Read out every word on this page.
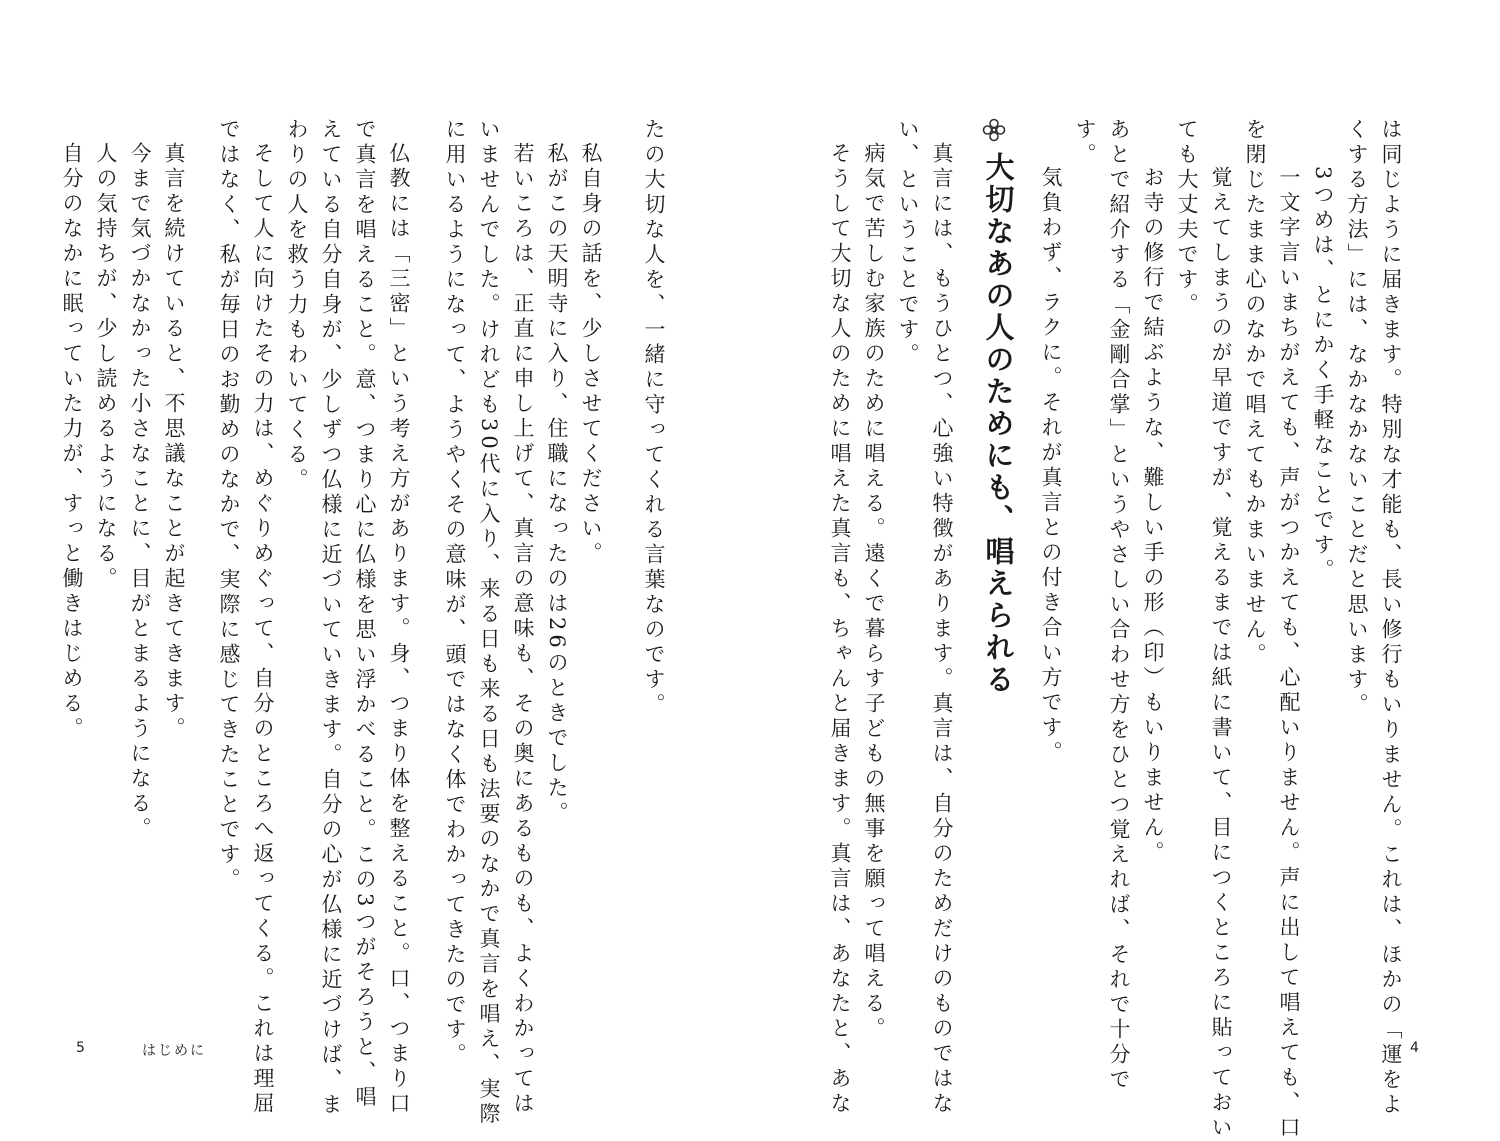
は同じように届きます。特別な才能も、長い修行もいりません。これは、ほかの「運をよ
くする方法」には、なかなかないことだと思います。
3つめは、とにかく手軽なことです。
一文字言いまちがえても、声がつかえても、心配いりません。声に出して唱えても、口
を閉じたまま心のなかで唱えてもかまいません。
覚えてしまうのが早道ですが、覚えるまでは紙に書いて、目につくところに貼っておい
ても大丈夫です。
お寺の修行で結ぶような、難しい手の形（印）もいりません。
あとで紹介する「金剛合掌」というやさしい合わせ方をひとつ覚えれば、それで十分で
す。
気負わず、ラクに。それが真言との付き合い方です。
大切なあの人のためにも、唱えられる
真言には、もうひとつ、心強い特徴があります。真言は、自分のためだけのものではな
い、ということです。
病気で苦しむ家族のために唱える。遠くで暮らす子どもの無事を願って唱える。
そうして大切な人のために唱えた真言も、ちゃんと届きます。真言は、あなたと、あな	4
たの大切な人を、一緒に守ってくれる言葉なのです。
私自身の話を、少しさせてください。
私がこの天明寺に入り、住職になったのは26のときでした。
若いころは、正直に申し上げて、真言の意味も、その奥にあるものも、よくわかっては
いませんでした。けれども30代に入り、来る日も来る日も法要のなかで真言を唱え、実際
に用いるようになって、ようやくその意味が、頭ではなく体でわかってきたのです。
仏教には「三密」という考え方があります。身、つまり体を整えること。口、つまり口
で真言を唱えること。意、つまり心に仏様を思い浮かべること。この3つがそろうと、唱
えている自分自身が、少しずつ仏様に近づいていきます。自分の心が仏様に近づけば、ま
わりの人を救う力もわいてくる。
そして人に向けたその力は、めぐりめぐって、自分のところへ返ってくる。これは理屈
ではなく、私が毎日のお勤めのなかで、実際に感じてきたことです。
真言を続けていると、不思議なことが起きてきます。
今まで気づかなかった小さなことに、目がとまるようになる。
人の気持ちが、少し読めるようになる。
自分のなかに眠っていた力が、すっと働きはじめる。
5	はじめに
